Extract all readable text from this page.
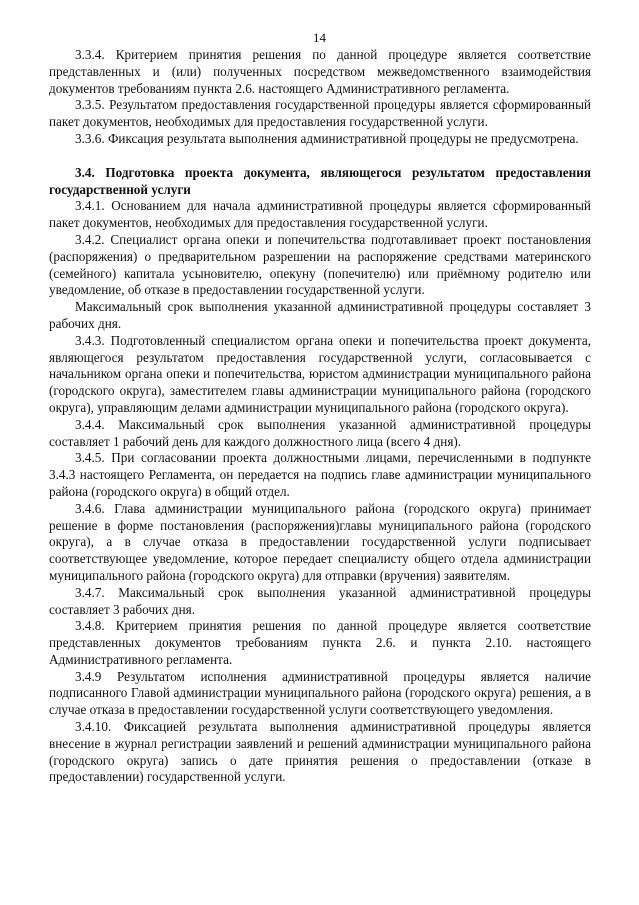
14

3.3.4. Критерием принятия решения по данной процедуре является соответствие представленных и (или) полученных посредством межведомственного взаимодействия документов требованиям пункта 2.6. настоящего Административного регламента.

3.3.5. Результатом предоставления государственной процедуры является сформированный пакет документов, необходимых для предоставления государственной услуги.

3.3.6. Фиксация результата выполнения административной процедуры не предусмотрена.

3.4. Подготовка проекта документа, являющегося результатом предоставления государственной услуги

3.4.1. Основанием для начала административной процедуры является сформированный пакет документов, необходимых для предоставления государственной услуги.

3.4.2. Специалист органа опеки и попечительства подготавливает проект постановления (распоряжения) о предварительном разрешении на распоряжение средствами материнского (семейного) капитала усыновителю, опекуну (попечителю) или приёмному родителю или уведомление, об отказе в предоставлении государственной услуги.

Максимальный срок выполнения указанной административной процедуры составляет 3 рабочих дня.

3.4.3. Подготовленный специалистом органа опеки и попечительства проект документа, являющегося результатом предоставления государственной услуги, согласовывается с начальником органа опеки и попечительства, юристом администрации муниципального района (городского округа), заместителем главы администрации муниципального района (городского округа), управляющим делами администрации муниципального района (городского округа).

3.4.4. Максимальный срок выполнения указанной административной процедуры составляет 1 рабочий день для каждого должностного лица (всего 4 дня).

3.4.5. При согласовании проекта должностными лицами, перечисленными в подпункте 3.4.3 настоящего Регламента, он передается на подпись главе администрации муниципального района (городского округа) в общий отдел.

3.4.6. Глава администрации муниципального района (городского округа) принимает решение в форме постановления (распоряжения)главы муниципального района (городского округа), а в случае отказа в предоставлении государственной услуги подписывает соответствующее уведомление, которое передает специалисту общего отдела администрации муниципального района (городского округа) для отправки (вручения) заявителям.

3.4.7. Максимальный срок выполнения указанной административной процедуры составляет 3 рабочих дня.

3.4.8. Критерием принятия решения по данной процедуре является соответствие представленных документов требованиям пункта 2.6. и пункта 2.10. настоящего Административного регламента.

3.4.9 Результатом исполнения административной процедуры является наличие подписанного Главой администрации муниципального района (городского округа) решения, а в случае отказа в предоставлении государственной услуги соответствующего уведомления.

3.4.10. Фиксацией результата выполнения административной процедуры является внесение в журнал регистрации заявлений и решений администрации муниципального района (городского округа) запись о дате принятия решения о предоставлении (отказе в предоставлении) государственной услуги.
